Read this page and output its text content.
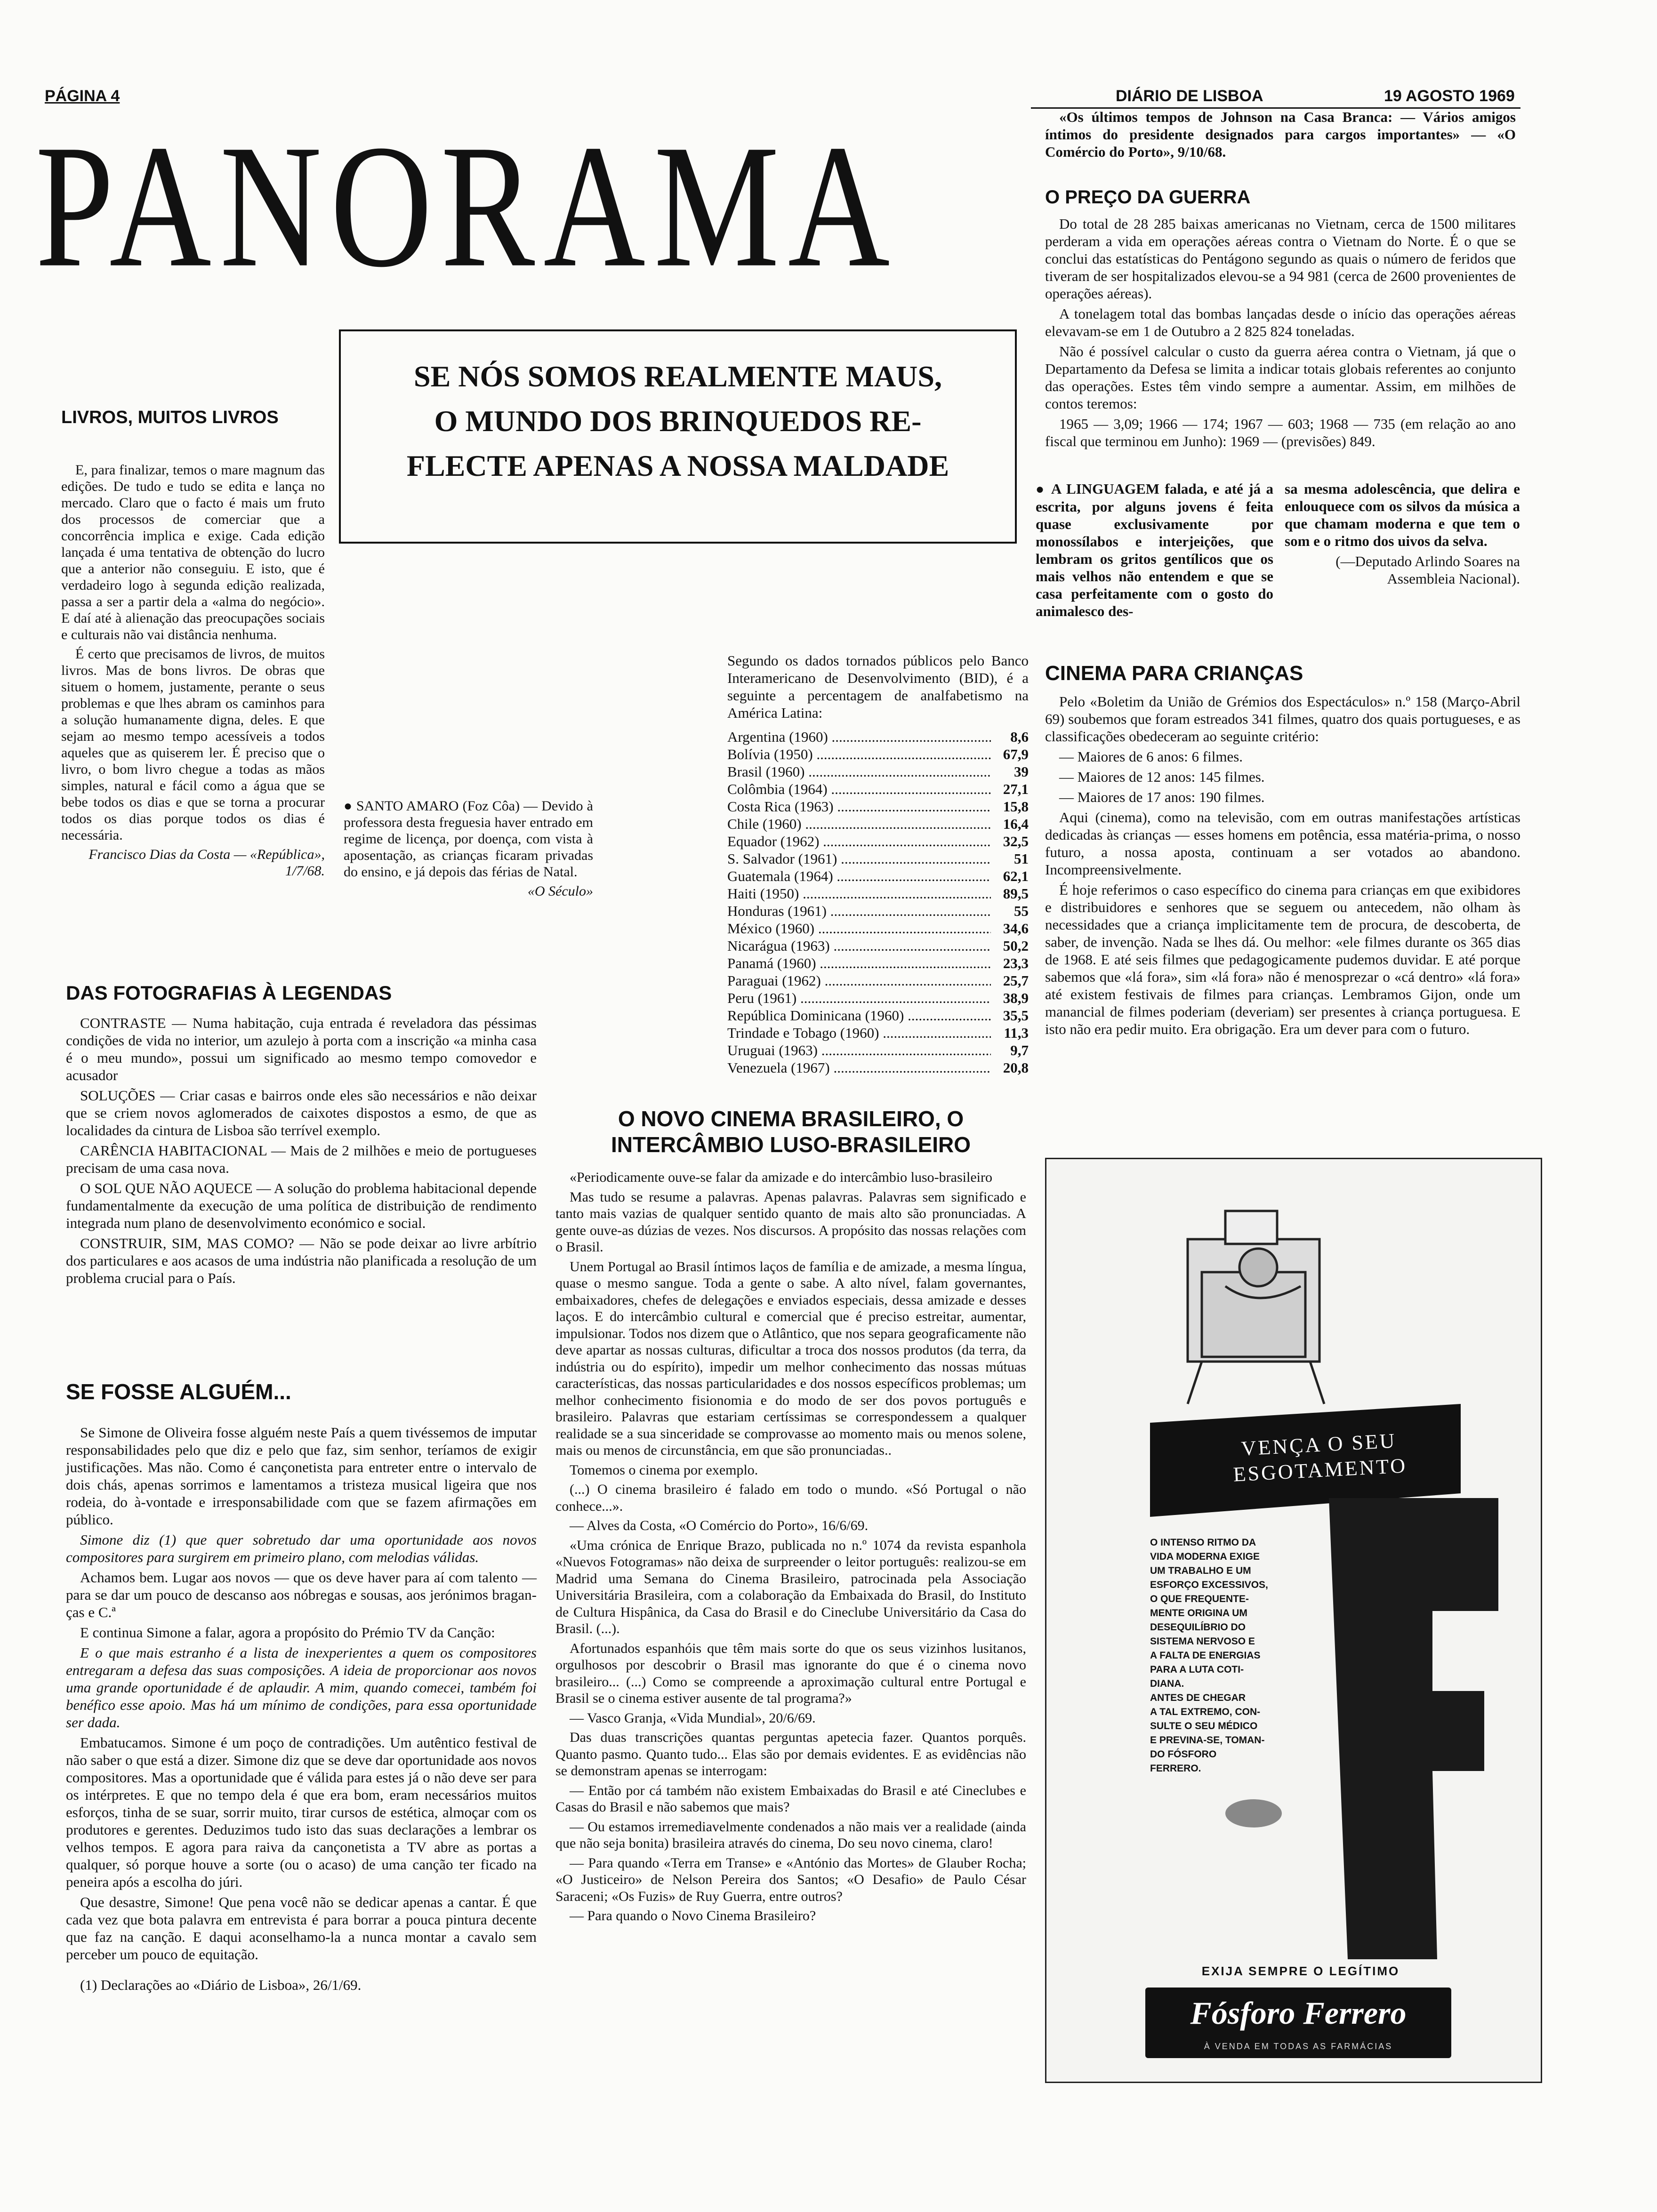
PÁGINA 4	DIÁRIO DE LISBOA	19 AGOSTO 1969
PANORAMA
SE NÓS SOMOS REALMENTE MAUS,
O MUNDO DOS BRINQUEDOS RE-
FLECTE APENAS A NOSSA MALDADE
LIVROS, MUITOS LIVROS

E, para finalizar, temos o mare magnum das edições. De tudo e tudo se edita e lança no mercado. Claro que o facto é mais um fruto dos processos de comerciar que a concorrência implica e exige. Cada edição lançada é uma tentativa de obtenção do lucro que a anterior não conseguiu. E isto, que é verdadeiro logo à segunda edição realizada, passa a ser a partir dela a «alma do negócio». E daí até à alienação das preocupações sociais e culturais não vai distância nenhuma.

É certo que precisamos de livros, de muitos livros. Mas de bons livros. De obras que situem o homem, justamente, perante o seus problemas e que lhes abram os caminhos para a solução humanamente digna, deles. E que sejam ao mesmo tempo acessíveis a todos aqueles que as quiserem ler. É preciso que o livro, o bom livro chegue a todas as mãos simples, natural e fácil como a água que se bebe todos os dias e que se torna a procurar todos os dias porque todos os dias é necessária.

Francisco Dias da Costa — «República», 1/7/68.

● SANTO AMARO (Foz Côa) — Devido à professora desta freguesia haver entrado em regime de licença, por doença, com vista à aposentação, as crianças ficaram privadas do ensino, e já depois das férias de Natal.

«O Século»

Segundo os dados tornados públicos pelo Banco Interamericano de Desenvolvimento (BID), é a seguinte a percentagem de analfabetismo na América Latina:

Argentina (1960) .....	8,6
Bolívia (1950) .....	67,9
Brasil (1960) .....	39
Colômbia (1964) .....	27,1
Costa Rica (1963) .....	15,8
Chile (1960) .....	16,4
Equador (1962) .....	32,5
S. Salvador (1961) .....	51
Guatemala (1964) .....	62,1
Haiti (1950) .....	89,5
Honduras (1961) .....	55
México (1960) .....	34,6
Nicarágua (1963) .....	50,2
Panamá (1960) .....	23,3
Paraguai (1962) .....	25,7
Peru (1961) .....	38,9
República Dominicana (1960) .....	35,5
Trindade e Tobago (1960) .....	11,3
Uruguai (1963) .....	9,7
Venezuela (1967) .....	20,8
DAS FOTOGRAFIAS À LEGENDAS

CONTRASTE — Numa habitação, cuja entrada é reveladora das péssimas condições de vida no interior, um azulejo à porta com a inscrição «a minha casa é o meu mundo», possui um significado ao mesmo tempo comovedor e acusador

SOLUÇÕES — Criar casas e bairros onde eles são necessários e não deixar que se criem novos aglomerados de caixotes dispostos a esmo, de que as localidades da cintura de Lisboa são terrível exemplo.

CARÊNCIA HABITACIONAL — Mais de 2 milhões e meio de portugueses precisam de uma casa nova.

O SOL QUE NÃO AQUECE — A solução do problema habitacional depende fundamentalmente da execução de uma política de distribuição de rendimento integrada num plano de desenvolvimento económico e social.

CONSTRUIR, SIM, MAS COMO? — Não se pode deixar ao livre arbítrio dos particulares e aos acasos de uma indústria não planificada a resolução de um problema crucial para o País.

SE FOSSE ALGUÉM...

Se Simone de Oliveira fosse alguém neste País a quem tivéssemos de imputar responsabilidades pelo que diz e pelo que faz, sim senhor, teríamos de exigir justificações. Mas não. Como é cançonetista para entreter entre o intervalo de dois chás, apenas sorrimos e lamentamos a tristeza musical ligeira que nos rodeia, do à-vontade e irresponsabilidade com que se fazem afirmações em público.

Simone diz (1) que quer sobretudo dar uma oportunidade aos novos compositores para surgirem em primeiro plano, com melodias válidas.

Achamos bem. Lugar aos novos — que os deve haver para aí com talento — para se dar um pouco de descanso aos nóbregas e sousas, aos jerónimos bragan-ças e C.ª

E continua Simone a falar, agora a propósito do Prémio TV da Canção:

E o que mais estranho é a lista de inexperientes a quem os compositores entregaram a defesa das suas composições. A ideia de proporcionar aos novos uma grande oportunidade é de aplaudir. A mim, quando comecei, também foi benéfico esse apoio. Mas há um mínimo de condições, para essa oportunidade ser dada.

Embatucamos. Simone é um poço de contradições. Um autêntico festival de não saber o que está a dizer. Simone diz que se deve dar oportunidade aos novos compositores. Mas a oportunidade que é válida para estes já o não deve ser para os intérpretes. E que no tempo dela é que era bom, eram necessários muitos esforços, tinha de se suar, sorrir muito, tirar cursos de estética, almoçar com os produtores e gerentes. Deduzimos tudo isto das suas declarações a lembrar os velhos tempos. E agora para raiva da cançonetista a TV abre as portas a qualquer, só porque houve a sorte (ou o acaso) de uma canção ter ficado na peneira após a escolha do júri.

Que desastre, Simone! Que pena você não se dedicar apenas a cantar. É que cada vez que bota palavra em entrevista é para borrar a pouca pintura decente que faz na canção. E daqui aconselhamo-la a nunca montar a cavalo sem perceber um pouco de equitação.

(1) Declarações ao «Diário de Lisboa», 26/1/69.

O NOVO CINEMA BRASILEIRO, O INTERCÂMBIO LUSO-BRASILEIRO

«Periodicamente ouve-se falar da amizade e do intercâmbio luso-brasileiro

Mas tudo se resume a palavras. Apenas palavras. Palavras sem significado e tanto mais vazias de qualquer sentido quanto de mais alto são pronunciadas. A gente ouve-as dúzias de vezes. Nos discursos. A propósito das nossas relações com o Brasil.

Unem Portugal ao Brasil íntimos laços de família e de amizade, a mesma língua, quase o mesmo sangue. Toda a gente o sabe. A alto nível, falam governantes, embaixadores, chefes de delegações e enviados especiais, dessa amizade e desses laços. E do intercâmbio cultural e comercial que é preciso estreitar, aumentar, impulsionar. Todos nos dizem que o Atlântico, que nos separa geograficamente não deve apartar as nossas culturas, dificultar a troca dos nossos produtos (da terra, da indústria ou do espírito), impedir um melhor conhecimento das nossas mútuas características, das nossas particularidades e dos nossos específicos problemas; um melhor conhecimento fisionomia e do modo de ser dos povos português e brasileiro. Palavras que estariam certíssimas se correspondessem a qualquer realidade se a sua sinceridade se comprovasse ao momento mais ou menos solene, mais ou menos de circunstância, em que são pronunciadas..

Tomemos o cinema por exemplo.

(...) O cinema brasileiro é falado em todo o mundo. «Só Portugal o não conhece...».

— Alves da Costa, «O Comércio do Porto», 16/6/69.

«Uma crónica de Enrique Brazo, publicada no n.º 1074 da revista espanhola «Nuevos Fotogramas» não deixa de surpreender o leitor português: realizou-se em Madrid uma Semana do Cinema Brasileiro, patrocinada pela Associação Universitária Brasileira, com a colaboração da Embaixada do Brasil, do Instituto de Cultura Hispânica, da Casa do Brasil e do Cineclube Universitário da Casa do Brasil. (...).

Afortunados espanhóis que têm mais sorte do que os seus vizinhos lusitanos, orgulhosos por descobrir o Brasil mas ignorante do que é o cinema novo brasileiro... (...) Como se compreende a aproximação cultural entre Portugal e Brasil se o cinema estiver ausente de tal programa?»

— Vasco Granja, «Vida Mundial», 20/6/69.

Das duas transcrições quantas perguntas apetecia fazer. Quantos porquês. Quanto pasmo. Quanto tudo... Elas são por demais evidentes. E as evidências não se demonstram apenas se interrogam:

— Então por cá também não existem Embaixadas do Brasil e até Cineclubes e Casas do Brasil e não sabemos que mais?

— Ou estamos irremediavelmente condenados a não mais ver a realidade (ainda que não seja bonita) brasileira através do cinema, Do seu novo cinema, claro!

— Para quando «Terra em Transe» e «António das Mortes» de Glauber Rocha; «O Justiceiro» de Nelson Pereira dos Santos; «O Desafio» de Paulo César Saraceni; «Os Fuzis» de Ruy Guerra, entre outros?

— Para quando o Novo Cinema Brasileiro?

«Os últimos tempos de Johnson na Casa Branca: — Vários amigos íntimos do presidente designados para cargos importantes» — «O Comércio do Porto», 9/10/68.

O PREÇO DA GUERRA

Do total de 28 285 baixas americanas no Vietnam, cerca de 1500 militares perderam a vida em operações aéreas contra o Vietnam do Norte. É o que se conclui das estatísticas do Pentágono segundo as quais o número de feridos que tiveram de ser hospitalizados elevou-se a 94 981 (cerca de 2600 provenientes de operações aéreas).

A tonelagem total das bombas lançadas desde o início das operações aéreas elevavam-se em 1 de Outubro a 2 825 824 toneladas.

Não é possível calcular o custo da guerra aérea contra o Vietnam, já que o Departamento da Defesa se limita a indicar totais globais referentes ao conjunto das operações. Estes têm vindo sempre a aumentar. Assim, em milhões de contos teremos:

1965 — 3,09; 1966 — 174; 1967 — 603; 1968 — 735 (em relação ao ano fiscal que terminou em Junho): 1969 — (previsões) 849.

● A LINGUAGEM falada, e até já a escrita, por alguns jovens é feita quase exclusivamente por monossílabos e interjeições, que lembram os gritos gentílicos que os mais velhos não entendem e que se casa perfeitamente com o gosto do animalesco des-

sa mesma adolescência, que delira e enlouquece com os silvos da música a que chamam moderna e que tem o som e o ritmo dos uivos da selva.

(—Deputado Arlindo Soares na Assembleia Nacional).

CINEMA PARA CRIANÇAS

Pelo «Boletim da União de Grémios dos Espectáculos» n.º 158 (Março-Abril 69) soubemos que foram estreados 341 filmes, quatro dos quais portugueses, e as classificações obedeceram ao seguinte critério:

— Maiores de 6 anos: 6 filmes.

— Maiores de 12 anos: 145 filmes.

— Maiores de 17 anos: 190 filmes.

Aqui (cinema), como na televisão, com em outras manifestações artísticas dedicadas às crianças — esses homens em potência, essa matéria-prima, o nosso futuro, a nossa aposta, continuam a ser votados ao abandono. Incompreensivelmente.

É hoje referimos o caso específico do cinema para crianças em que exibidores e distribuidores e senhores que se seguem ou antecedem, não olham às necessidades que a criança implicitamente tem de procura, de descoberta, de saber, de invenção. Nada se lhes dá. Ou melhor: «ele filmes durante os 365 dias de 1968. E até seis filmes que pedagogicamente pudemos duvidar. E até porque sabemos que «lá fora», sim «lá fora» não é menosprezar o «cá dentro» «lá fora» até existem festivais de filmes para crianças. Lembramos Gijon, onde um manancial de filmes poderiam (deveriam) ser presentes à criança portuguesa. E isto não era pedir muito. Era obrigação. Era um dever para com o futuro.

VENÇA O SEU
ESGOTAMENTO
O INTENSO RITMO DA
VIDA MODERNA EXIGE
UM TRABALHO E UM
ESFORÇO EXCESSIVOS,
O QUE FREQUENTE-
MENTE ORIGINA UM
DESEQUILÍBRIO DO
SISTEMA NERVOSO E
A FALTA DE ENERGIAS
PARA A LUTA COTI-
DIANA.
ANTES DE CHEGAR
A TAL EXTREMO, CON-
SULTE O SEU MÉDICO
E PREVINA-SE, TOMAN-
DO FÓSFORO
FERRERO.
EXIJA SEMPRE O LEGÍTIMO
Fósforo Ferrero
À VENDA EM TODAS AS FARMÁCIAS
